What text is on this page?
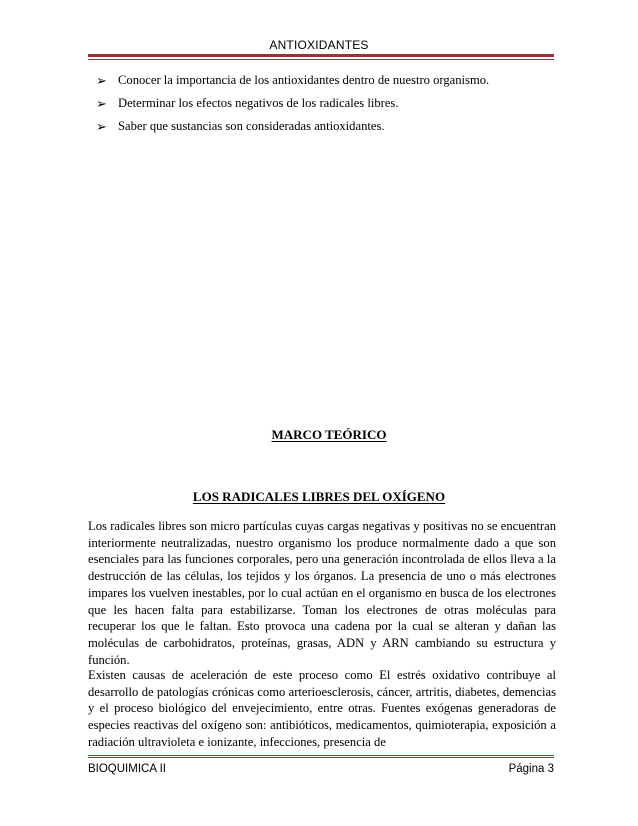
ANTIOXIDANTES
➢ Conocer la importancia de los antioxidantes dentro de nuestro organismo.
➢ Determinar los efectos negativos de los radicales libres.
➢ Saber que sustancias son consideradas antioxidantes.
MARCO TEÓRICO
LOS RADICALES LIBRES DEL OXÍGENO

Los radicales libres son micro partículas cuyas cargas negativas y positivas no se encuentran interiormente neutralizadas, nuestro organismo los produce normalmente dado a que son esenciales para las funciones corporales, pero una generación incontrolada de ellos lleva a la destrucción de las células, los tejidos y los órganos. La presencia de uno o más electrones impares los vuelven inestables, por lo cual actúan en el organismo en busca de los electrones que les hacen falta para estabilizarse. Toman los electrones de otras moléculas para recuperar los que le faltan. Esto provoca una cadena por la cual se alteran y dañan las moléculas de carbohidratos, proteínas, grasas, ADN y ARN cambiando su estructura y función.

Existen causas de aceleración de este proceso como El estrés oxidativo contribuye al desarrollo de patologías crónicas como arterioesclerosis, cáncer, artritis, diabetes, demencias y el proceso biológico del envejecimiento, entre otras. Fuentes exógenas generadoras de especies reactivas del oxígeno son: antibióticos, medicamentos, quimioterapia, exposición a radiación ultravioleta e ionizante, infecciones, presencia de

BIOQUIMICA II	Página 3
